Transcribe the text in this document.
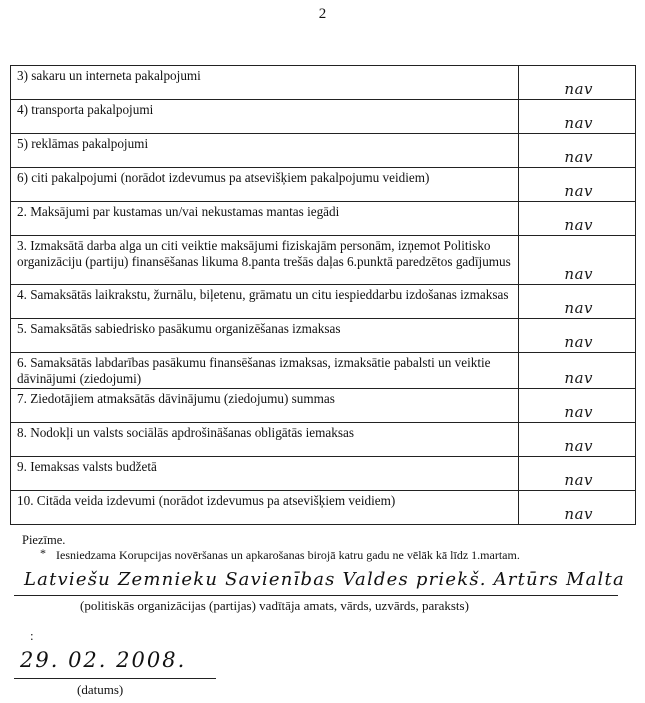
2
3) sakaru un interneta pakalpojumi	nav

4) transporta pakalpojumi	nav

5) reklāmas pakalpojumi	nav

6) citi pakalpojumi (norādot izdevumus pa atsevišķiem pakalpojumu veidiem)	nav

2. Maksājumi par kustamas un/vai nekustamas mantas iegādi	nav

3. Izmaksātā darba alga un citi veiktie maksājumi fiziskajām personām, izņemot Politisko organizāciju (partiju) finansēšanas likuma 8.panta trešās daļas 6.punktā paredzētos gadījumus	nav

4. Samaksātās laikrakstu, žurnālu, biļetenu, grāmatu un citu iespieddarbu izdošanas izmaksas	nav

5. Samaksātās sabiedrisko pasākumu organizēšanas izmaksas	nav

6. Samaksātās labdarības pasākumu finansēšanas izmaksas, izmaksātie pabalsti un veiktie dāvinājumi (ziedojumi)	nav

7. Ziedotājiem atmaksātās dāvinājumu (ziedojumu) summas	nav

8. Nodokļi un valsts sociālās apdrošināšanas obligātās iemaksas	nav

9. Iemaksas valsts budžetā	nav

10. Citāda veida izdevumi (norādot izdevumus pa atsevišķiem veidiem)	nav
Piezīme.
* Iesniedzama Korupcijas novēršanas un apkarošanas birojā katru gadu ne vēlāk kā līdz 1.martam.
Latviešu Zemnieku Savienības Valdes priekš. Artūrs Malta
(politiskās organizācijas (partijas) vadītāja amats, vārds, uzvārds, paraksts)
:
29. 02. 2008.
(datums)
